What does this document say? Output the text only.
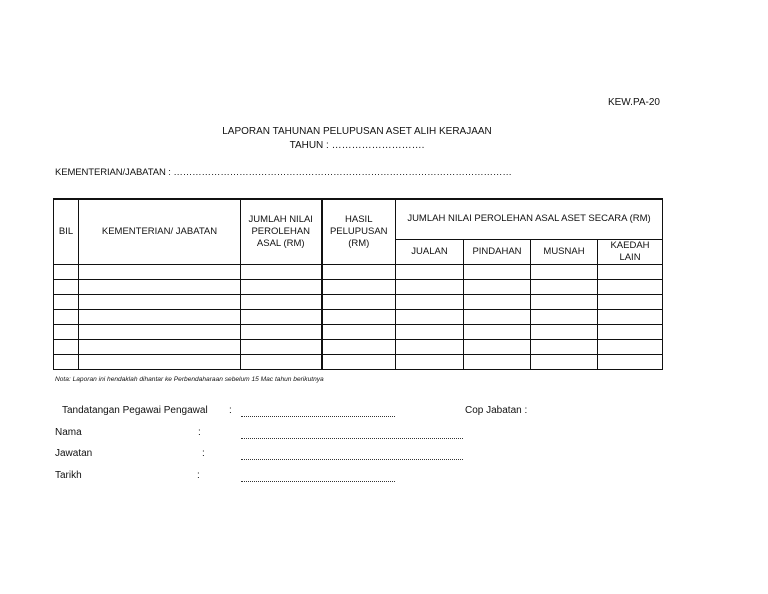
KEW.PA-20
LAPORAN TAHUNAN PELUPUSAN ASET ALIH KERAJAAN
TAHUN : ……………………….
KEMENTERIAN/JABATAN : ………………………………………………………………………………………………
BIL	KEMENTERIAN/ JABATAN	JUMLAH NILAI PEROLEHAN ASAL (RM)	HASIL PELUPUSAN (RM)	JUMLAH NILAI PEROLEHAN ASAL ASET SECARA (RM)			
				JUALAN	PINDAHAN	MUSNAH	KAEDAH LAIN

Nota: Laporan ini hendaklah dihantar ke Perbendaharaan sebelum 15 Mac tahun berikutnya
Tandatangan Pegawai Pengawal :	Cop Jabatan :
Nama	:
Jawatan	:
Tarikh	:
